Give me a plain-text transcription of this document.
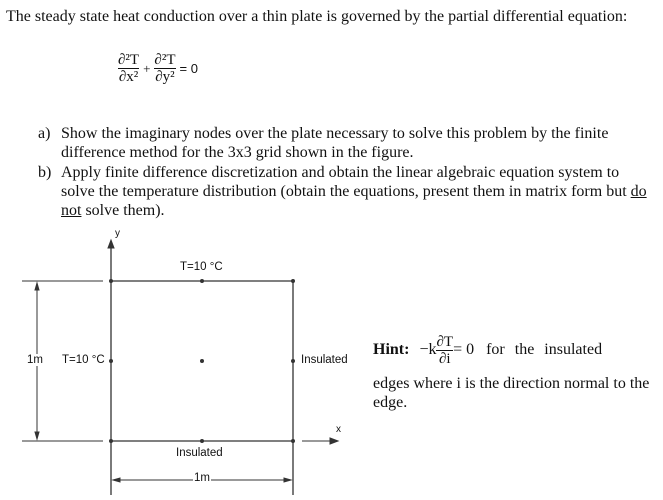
The steady state heat conduction over a thin plate is governed by the partial differential equation:
$\frac{\text{∂²T}}{\text{∂x²}} + \frac{\text{∂²T}}{\text{∂y²}} = 0$
a) Show the imaginary nodes over the plate necessary to solve this problem by the finite difference method for the 3x3 grid shown in the figure.
b) Apply finite difference discretization and obtain the linear algebraic equation system to solve the temperature distribution (obtain the equations, present them in matrix form but do not solve them).
y
T=10 °C
1m T=10 °C	Insulated
x
Insulated
1m
Hint: $-k \frac{\partial T}{\partial i} = 0$ for the insulated
edges where i is the direction normal to the edge.
